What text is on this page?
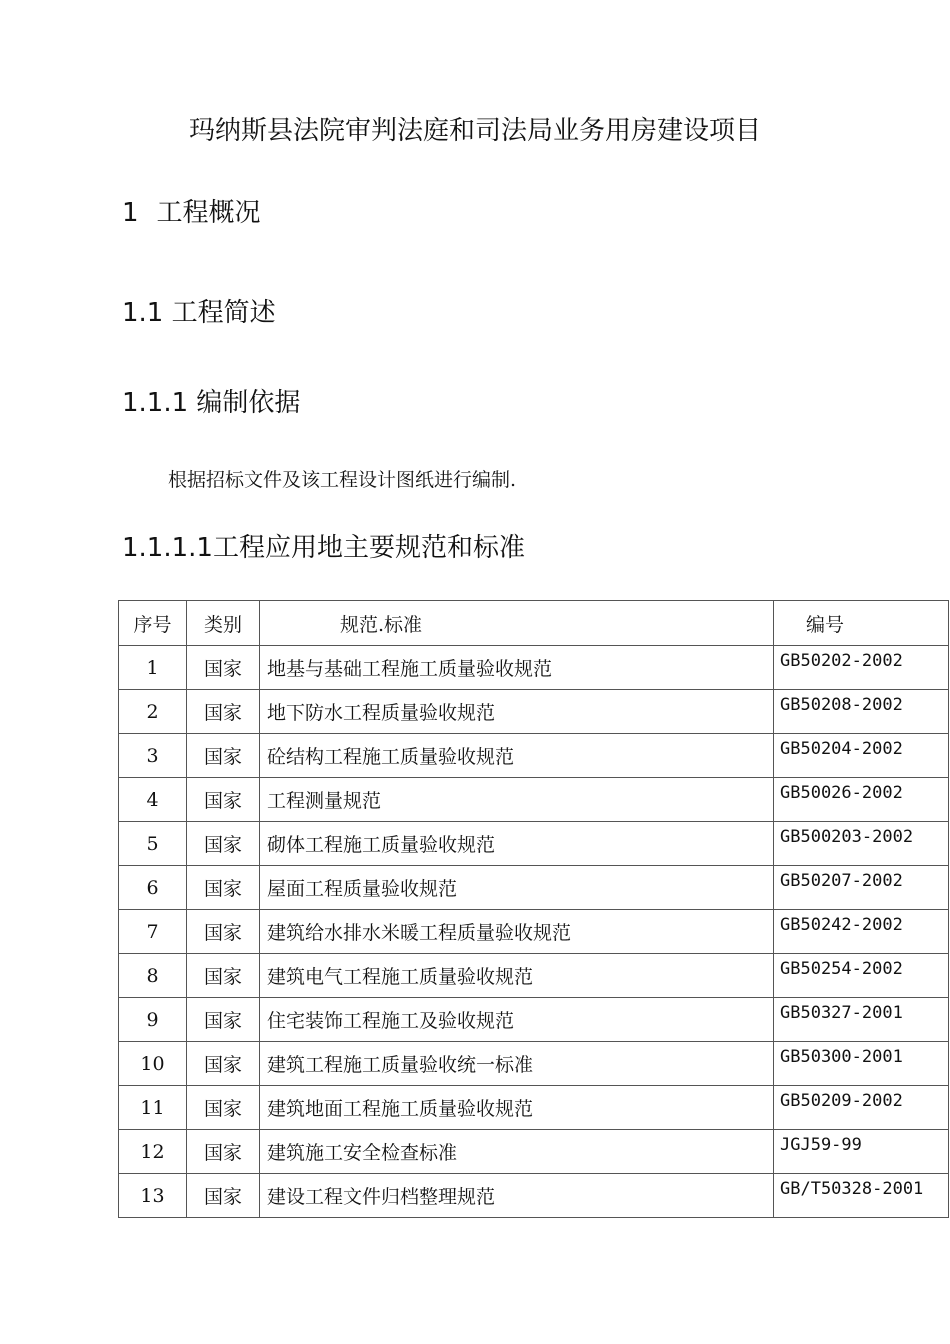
玛纳斯县法院审判法庭和司法局业务用房建设项目
1 工程概况
1.1 工程简述
1.1.1 编制依据
根据招标文件及该工程设计图纸进行编制.
1.1.1.1工程应用地主要规范和标准
序号	类别	规范.标准	编号
1	国家	地基与基础工程施工质量验收规范	GB50202-2002

2	国家	地下防水工程质量验收规范	GB50208-2002

3	国家	砼结构工程施工质量验收规范	GB50204-2002

4	国家	工程测量规范	GB50026-2002

5	国家	砌体工程施工质量验收规范	GB500203-2002

6	国家	屋面工程质量验收规范	GB50207-2002

7	国家	建筑给水排水米暖工程质量验收规范	GB50242-2002

8	国家	建筑电气工程施工质量验收规范	GB50254-2002

9	国家	住宅装饰工程施工及验收规范	GB50327-2001

10	国家	建筑工程施工质量验收统一标准	GB50300-2001

11	国家	建筑地面工程施工质量验收规范	GB50209-2002

12	国家	建筑施工安全检查标准	JGJ59-99

13	国家	建设工程文件归档整理规范	GB/T50328-2001
